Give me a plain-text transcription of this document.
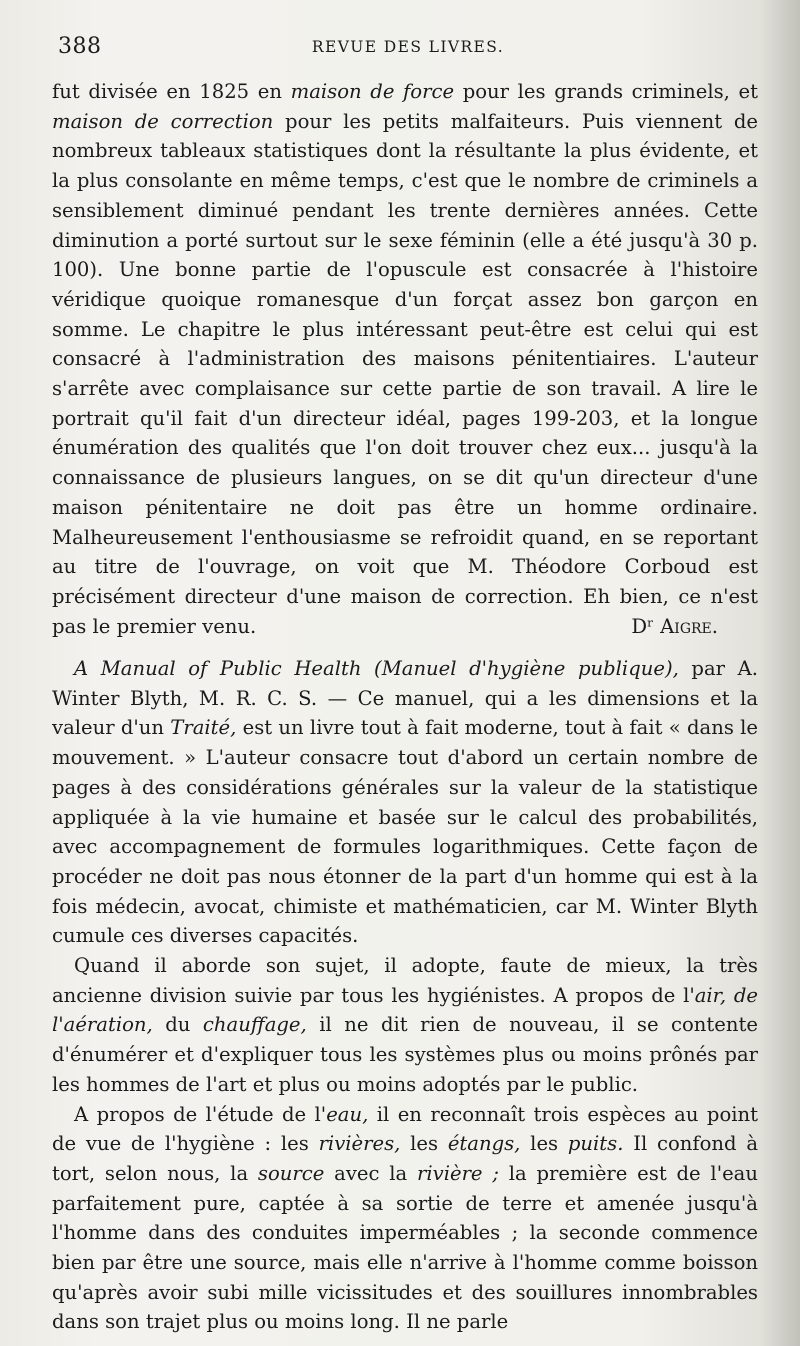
388	REVUE DES LIVRES.

fut divisée en 1825 en maison de force pour les grands criminels, et maison de correction pour les petits malfaiteurs. Puis viennent de nombreux tableaux statistiques dont la résultante la plus évidente, et la plus consolante en même temps, c'est que le nombre de criminels a sensiblement diminué pendant les trente dernières années. Cette diminution a porté surtout sur le sexe féminin (elle a été jusqu'à 30 p. 100). Une bonne partie de l'opuscule est consacrée à l'histoire véridique quoique romanesque d'un forçat assez bon garçon en somme. Le chapitre le plus intéressant peut-être est celui qui est consacré à l'administration des maisons pénitentiaires. L'auteur s'arrête avec complaisance sur cette partie de son travail. A lire le portrait qu'il fait d'un directeur idéal, pages 199-203, et la longue énumération des qualités que l'on doit trouver chez eux... jusqu'à la connaissance de plusieurs langues, on se dit qu'un directeur d'une maison pénitentaire ne doit pas être un homme ordinaire. Malheureusement l'enthousiasme se refroidit quand, en se reportant au titre de l'ouvrage, on voit que M. Théodore Corboud est précisément directeur d'une maison de correction. Eh bien, ce n'est pas le premier venu.	Dʳ Aigre.

A Manual of Public Health (Manuel d'hygiène publique), par A. Winter Blyth, M. R. C. S. — Ce manuel, qui a les dimensions et la valeur d'un Traité, est un livre tout à fait moderne, tout à fait « dans le mouvement. » L'auteur consacre tout d'abord un certain nombre de pages à des considérations générales sur la valeur de la statistique appliquée à la vie humaine et basée sur le calcul des probabilités, avec accompagnement de formules logarithmiques. Cette façon de procéder ne doit pas nous étonner de la part d'un homme qui est à la fois médecin, avocat, chimiste et mathématicien, car M. Winter Blyth cumule ces diverses capacités.

Quand il aborde son sujet, il adopte, faute de mieux, la très ancienne division suivie par tous les hygiénistes. A propos de l'air, de l'aération, du chauffage, il ne dit rien de nouveau, il se contente d'énumérer et d'expliquer tous les systèmes plus ou moins prônés par les hommes de l'art et plus ou moins adoptés par le public.

A propos de l'étude de l'eau, il en reconnaît trois espèces au point de vue de l'hygiène : les rivières, les étangs, les puits. Il confond à tort, selon nous, la source avec la rivière ; la première est de l'eau parfaitement pure, captée à sa sortie de terre et amenée jusqu'à l'homme dans des conduites imperméables ; la seconde commence bien par être une source, mais elle n'arrive à l'homme comme boisson qu'après avoir subi mille vicissitudes et des souillures innombrables dans son trajet plus ou moins long. Il ne parle
